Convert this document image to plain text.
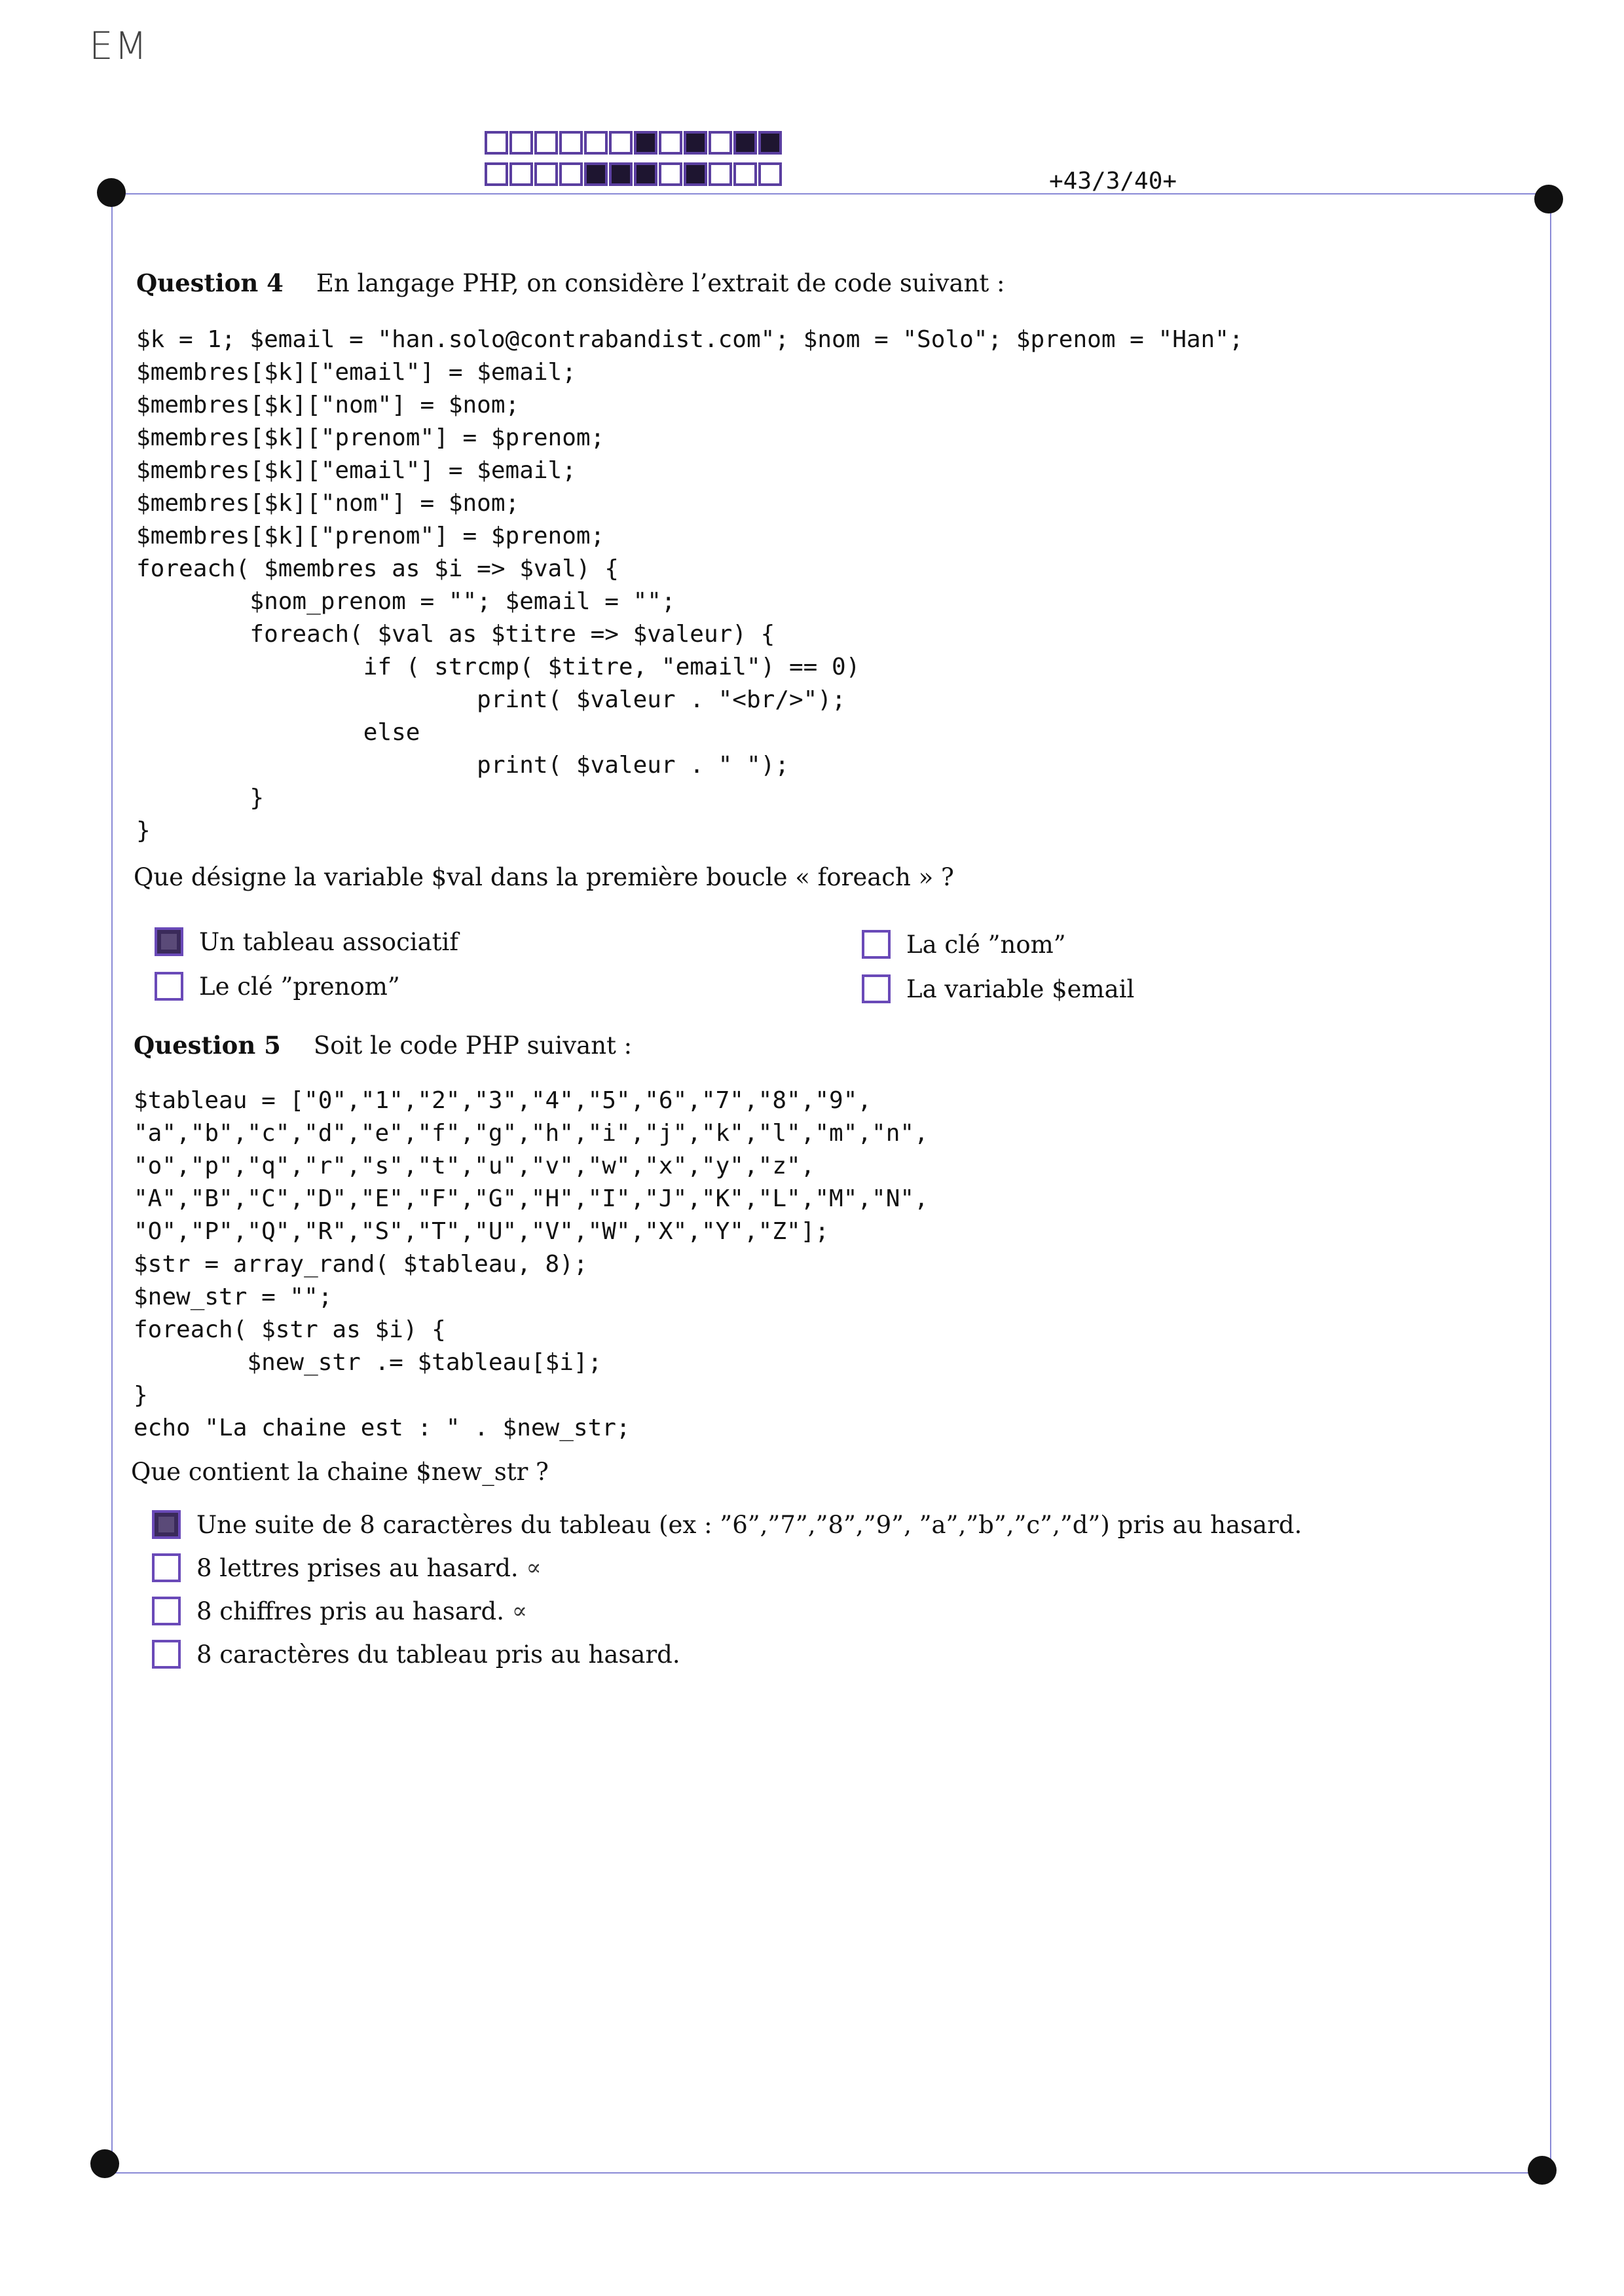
EM
+43/3/40+
Question 4 En langage PHP, on considère l’extrait de code suivant :
$k = 1; $email = "han.solo@contrabandist.com"; $nom = "Solo"; $prenom = "Han";
$membres[$k]["email"] = $email;
$membres[$k]["nom"] = $nom;
$membres[$k]["prenom"] = $prenom;
$membres[$k]["email"] = $email;
$membres[$k]["nom"] = $nom;
$membres[$k]["prenom"] = $prenom;
foreach( $membres as $i => $val) {
$nom_prenom = ""; $email = "";
foreach( $val as $titre => $valeur) {
if ( strcmp( $titre, "email") == 0)
print( $valeur . "<br/>");
else
print( $valeur . " ");
}
}
Que désigne la variable $val dans la première boucle « foreach » ?
Un tableau associatif
Le clé ”prenom”
La clé ”nom”
La variable $email
Question 5 Soit le code PHP suivant :
$tableau = ["0","1","2","3","4","5","6","7","8","9",
"a","b","c","d","e","f","g","h","i","j","k","l","m","n",
"o","p","q","r","s","t","u","v","w","x","y","z",
"A","B","C","D","E","F","G","H","I","J","K","L","M","N",
"O","P","Q","R","S","T","U","V","W","X","Y","Z"];
$str = array_rand( $tableau, 8);
$new_str = "";
foreach( $str as $i) {
$new_str .= $tableau[$i];
}
echo "La chaine est : " . $new_str;
Que contient la chaine $new_str ?
Une suite de 8 caractères du tableau (ex : ”6”,”7”,”8”,”9”, ”a”,”b”,”c”,”d”) pris au hasard.
8 lettres prises au hasard. ∝
8 chiffres pris au hasard. ∝
8 caractères du tableau pris au hasard.
